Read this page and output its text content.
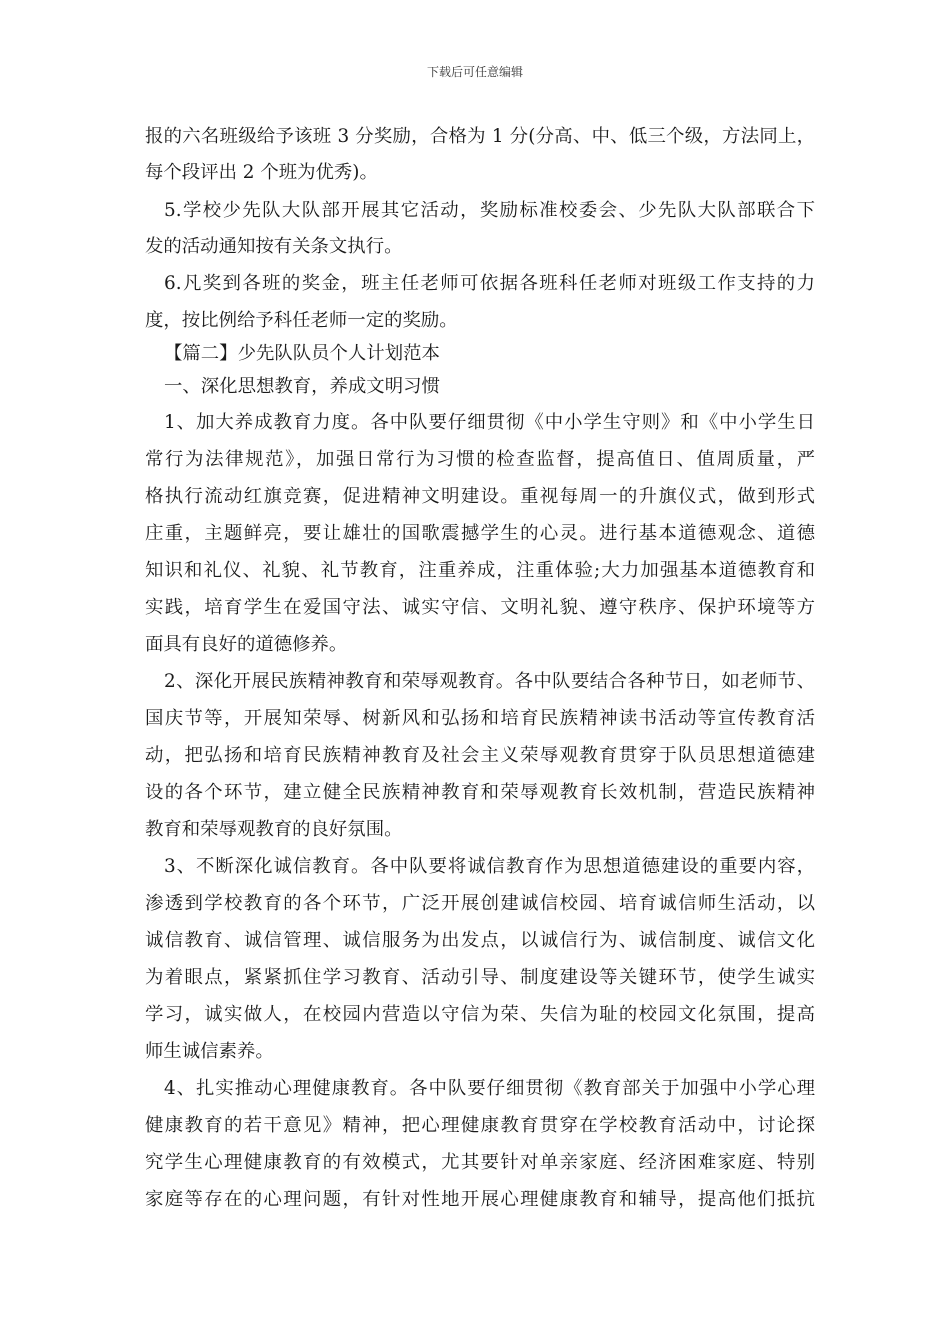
下载后可任意编辑
报的六名班级给予该班 3 分奖励，合格为 1 分(分高、中、低三个级，方法同上，
每个段评出 2 个班为优秀)。
5.学校少先队大队部开展其它活动，奖励标准校委会、少先队大队部联合下
发的活动通知按有关条文执行。
6.凡奖到各班的奖金，班主任老师可依据各班科任老师对班级工作支持的力
度，按比例给予科任老师一定的奖励。
【篇二】少先队队员个人计划范本
一、深化思想教育，养成文明习惯
1、加大养成教育力度。各中队要仔细贯彻《中小学生守则》和《中小学生日
常行为法律规范》，加强日常行为习惯的检查监督，提高值日、值周质量，严
格执行流动红旗竞赛，促进精神文明建设。重视每周一的升旗仪式，做到形式
庄重，主题鲜亮，要让雄壮的国歌震撼学生的心灵。进行基本道德观念、道德
知识和礼仪、礼貌、礼节教育，注重养成，注重体验;大力加强基本道德教育和
实践，培育学生在爱国守法、诚实守信、文明礼貌、遵守秩序、保护环境等方
面具有良好的道德修养。
2、深化开展民族精神教育和荣辱观教育。各中队要结合各种节日，如老师节、
国庆节等，开展知荣辱、树新风和弘扬和培育民族精神读书活动等宣传教育活
动，把弘扬和培育民族精神教育及社会主义荣辱观教育贯穿于队员思想道德建
设的各个环节，建立健全民族精神教育和荣辱观教育长效机制，营造民族精神
教育和荣辱观教育的良好氛围。
3、不断深化诚信教育。各中队要将诚信教育作为思想道德建设的重要内容，
渗透到学校教育的各个环节，广泛开展创建诚信校园、培育诚信师生活动，以
诚信教育、诚信管理、诚信服务为出发点，以诚信行为、诚信制度、诚信文化
为着眼点，紧紧抓住学习教育、活动引导、制度建设等关键环节，使学生诚实
学习，诚实做人，在校园内营造以守信为荣、失信为耻的校园文化氛围，提高
师生诚信素养。
4、扎实推动心理健康教育。各中队要仔细贯彻《教育部关于加强中小学心理
健康教育的若干意见》精神，把心理健康教育贯穿在学校教育活动中，讨论探
究学生心理健康教育的有效模式，尤其要针对单亲家庭、经济困难家庭、特别
家庭等存在的心理问题，有针对性地开展心理健康教育和辅导，提高他们抵抗
